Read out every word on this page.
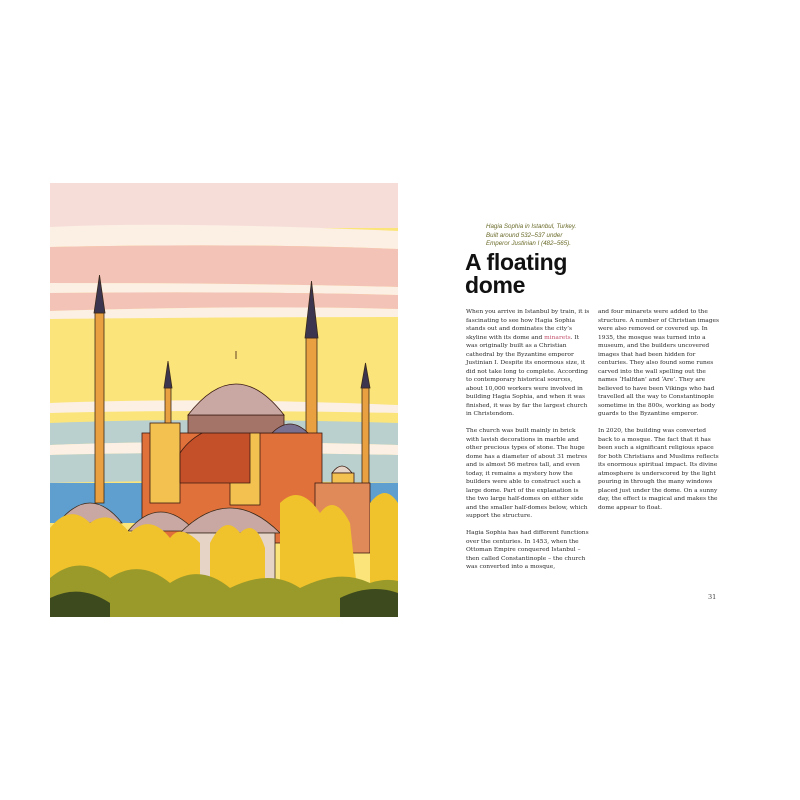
Hagia Sophia in Istanbul, Turkey.
Built around 532–537 under
Emperor Justinian I (482–565).
A floating
dome

When you arrive in Istanbul by train, it is fascinating to see how Hagia Sophia stands out and dominates the city’s skyline with its dome and minarets. It was originally built as a Christian cathedral by the Byzantine emperor Justinian I. Despite its enormous size, it did not take long to complete. According to contemporary historical sources, about 10,000 workers were involved in building Hagia Sophia, and when it was finished, it was by far the largest church in Christendom.

The church was built mainly in brick with lavish decorations in marble and other precious types of stone. The huge dome has a diameter of about 31 metres and is almost 56 metres tall, and even today, it remains a mystery how the builders were able to construct such a large dome. Part of the explanation is the two large half-domes on either side and the smaller half-domes below, which support the structure.

Hagia Sophia has had different functions over the centuries. In 1453, when the Ottoman Empire conquered Istanbul – then called Constantinople – the church was converted into a mosque,

and four minarets were added to the structure. A number of Christian images were also removed or covered up. In 1935, the mosque was turned into a museum, and the builders uncovered images that had been hidden for centuries. They also found some runes carved into the wall spelling out the names ‘Halfdan’ and ‘Are’. They are believed to have been Vikings who had travelled all the way to Constantinople sometime in the 800s, working as body guards to the Byzantine emperor.

In 2020, the building was converted back to a mosque. The fact that it has been such a significant religious space for both Christians and Muslims reflects its enormous spiritual impact. Its divine atmosphere is underscored by the light pouring in through the many windows placed just under the dome. On a sunny day, the effect is magical and makes the dome appear to float.

31
